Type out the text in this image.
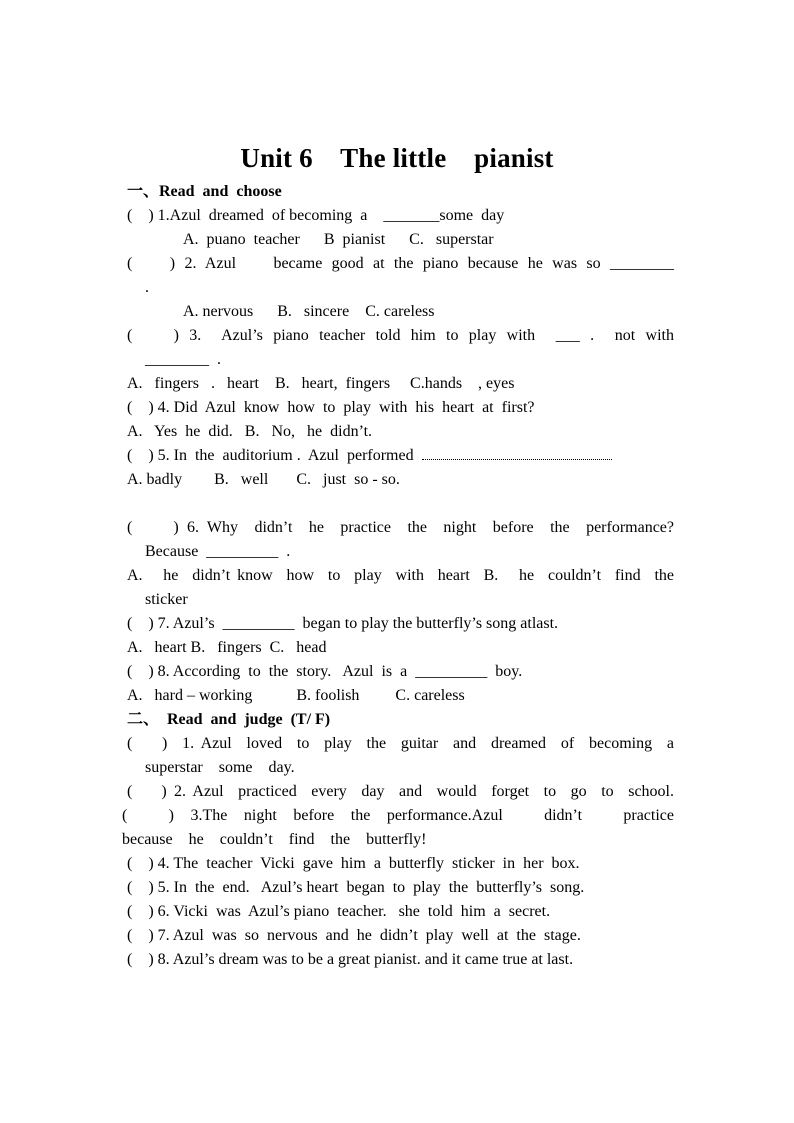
Unit 6    The little    pianist
一、Read  and  choose
(    ) 1.Azul  dreamed  of becoming  a    _______some  day
A.  puano  teacher      B  pianist      C.   superstar
(    ) 2. Azul    became good at the piano because he was so ________
.
A. nervous      B.   sincere    C. careless
(    ) 3.  Azul’s piano teacher told him to play with  ___ .  not with
________  .
A.   fingers   .   heart    B.   heart,  fingers     C.hands    , eyes
(    ) 4. Did  Azul  know  how  to  play  with  his  heart  at  first?
A.   Yes  he  did.   B.   No,   he  didn’t.
(    ) 5. In  the  auditorium .  Azul  performed
A. badly        B.   well       C.   just  so - so.
(     ) 6. Why  didn’t  he  practice  the  night  before  the  performance?
Because  _________  .
A.   he  didn’t know  how  to  play  with  heart  B.   he  couldn’t  find  the
sticker
(    ) 7. Azul’s  _________  began to play the butterfly’s song atlast.
A.   heart B.   fingers  C.   head
(    ) 8. According  to  the  story.   Azul  is  a  _________  boy.
A.   hard – working           B. foolish         C. careless
二、  Read  and  judge  (T/ F)
(    )  1. Azul  loved  to  play  the  guitar  and  dreamed  of  becoming  a
superstar    some    day.
(    ) 2. Azul  practiced  every  day  and  would  forget  to  go  to  school.
(     )  3.The  night  before  the  performance.Azul     didn’t     practice
because    he    couldn’t    find    the    butterfly!
(    ) 4. The  teacher  Vicki  gave  him  a  butterfly  sticker  in  her  box.
(    ) 5. In  the  end.   Azul’s heart  began  to  play  the  butterfly’s  song.
(    ) 6. Vicki  was  Azul’s piano  teacher.   she  told  him  a  secret.
(    ) 7. Azul  was  so  nervous  and  he  didn’t  play  well  at  the  stage.
(    ) 8. Azul’s dream was to be a great pianist. and it came true at last.
